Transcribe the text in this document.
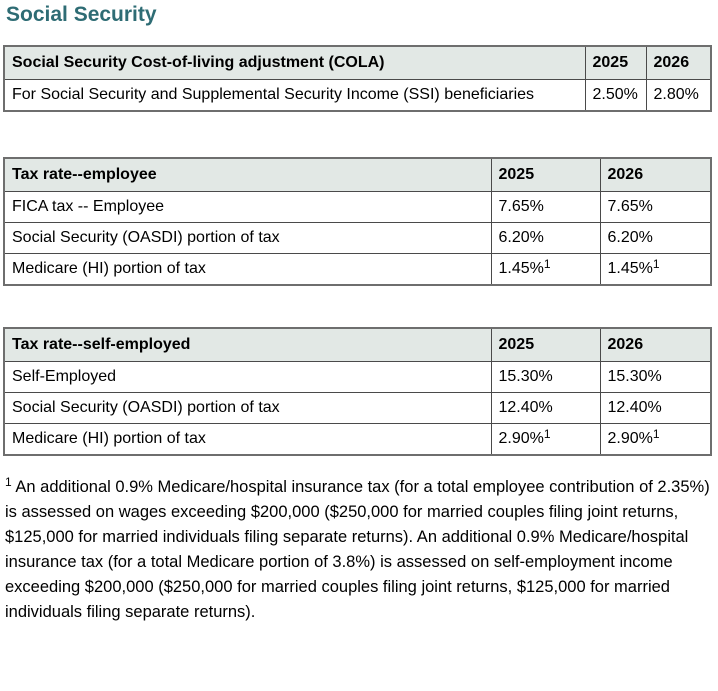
Social Security
Social Security Cost-of-living adjustment (COLA)	2025	2026
For Social Security and Supplemental Security Income (SSI) beneficiaries	2.50%	2.80%
Tax rate--employee	2025	2026
FICA tax -- Employee	7.65%	7.65%
Social Security (OASDI) portion of tax	6.20%	6.20%
Medicare (HI) portion of tax	1.45%$^1$	1.45%$^1$
Tax rate--self-employed	2025	2026
Self-Employed	15.30%	15.30%
Social Security (OASDI) portion of tax	12.40%	12.40%
Medicare (HI) portion of tax	2.90%$^1$	2.90%$^1$

$^1$ An additional 0.9% Medicare/hospital insurance tax (for a total employee contribution of 2.35%) is assessed on wages exceeding $200,000 ($250,000 for married couples filing joint returns, $125,000 for married individuals filing separate returns). An additional 0.9% Medicare/hospital insurance tax (for a total Medicare portion of 3.8%) is assessed on self-employment income exceeding $200,000 ($250,000 for married couples filing joint returns, $125,000 for married individuals filing separate returns).
